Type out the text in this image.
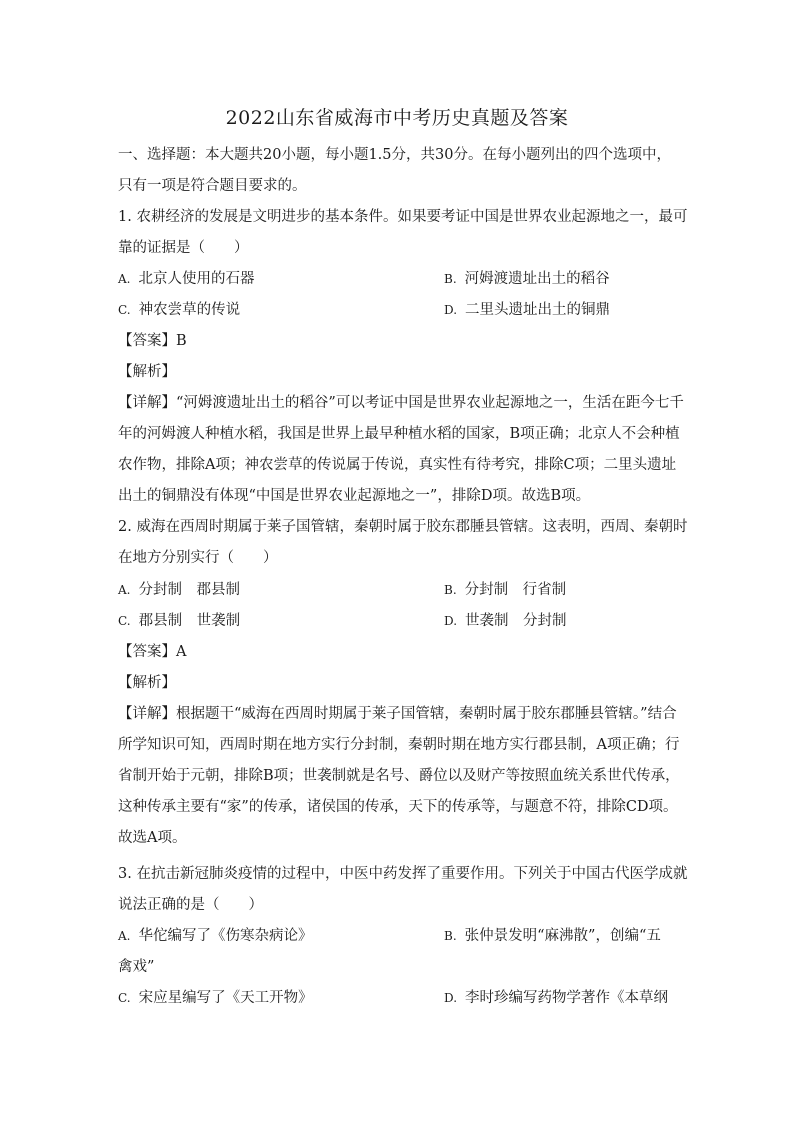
2022山东省威海市中考历史真题及答案
一、选择题：本大题共20小题，每小题1.5分，共30分。在每小题列出的四个选项中，
只有一项是符合题目要求的。
1. 农耕经济的发展是文明进步的基本条件。如果要考证中国是世界农业起源地之一，最可
靠的证据是（　　）
A. 北京人使用的石器	B. 河姆渡遗址出土的稻谷
C. 神农尝草的传说	D. 二里头遗址出土的铜鼎
【答案】B
【解析】
【详解】“河姆渡遗址出土的稻谷”可以考证中国是世界农业起源地之一，生活在距今七千
年的河姆渡人种植水稻，我国是世界上最早种植水稻的国家，B项正确；北京人不会种植
农作物，排除A项；神农尝草的传说属于传说，真实性有待考究，排除C项；二里头遗址
出土的铜鼎没有体现“中国是世界农业起源地之一”，排除D项。故选B项。
2. 威海在西周时期属于莱子国管辖，秦朝时属于胶东郡腄县管辖。这表明，西周、秦朝时
在地方分别实行（　　）
A. 分封制　郡县制	B. 分封制　行省制
C. 郡县制　世袭制	D. 世袭制　分封制
【答案】A
【解析】
【详解】根据题干“威海在西周时期属于莱子国管辖，秦朝时属于胶东郡腄县管辖。”结合
所学知识可知，西周时期在地方实行分封制，秦朝时期在地方实行郡县制，A项正确；行
省制开始于元朝，排除B项；世袭制就是名号、爵位以及财产等按照血统关系世代传承，
这种传承主要有“家”的传承，诸侯国的传承，天下的传承等，与题意不符，排除CD项。
故选A项。
3. 在抗击新冠肺炎疫情的过程中，中医中药发挥了重要作用。下列关于中国古代医学成就
说法正确的是（　　）
A. 华佗编写了《伤寒杂病论》	B. 张仲景发明“麻沸散”，创编“五
禽戏”
C. 宋应星编写了《天工开物》	D. 李时珍编写药物学著作《本草纲
